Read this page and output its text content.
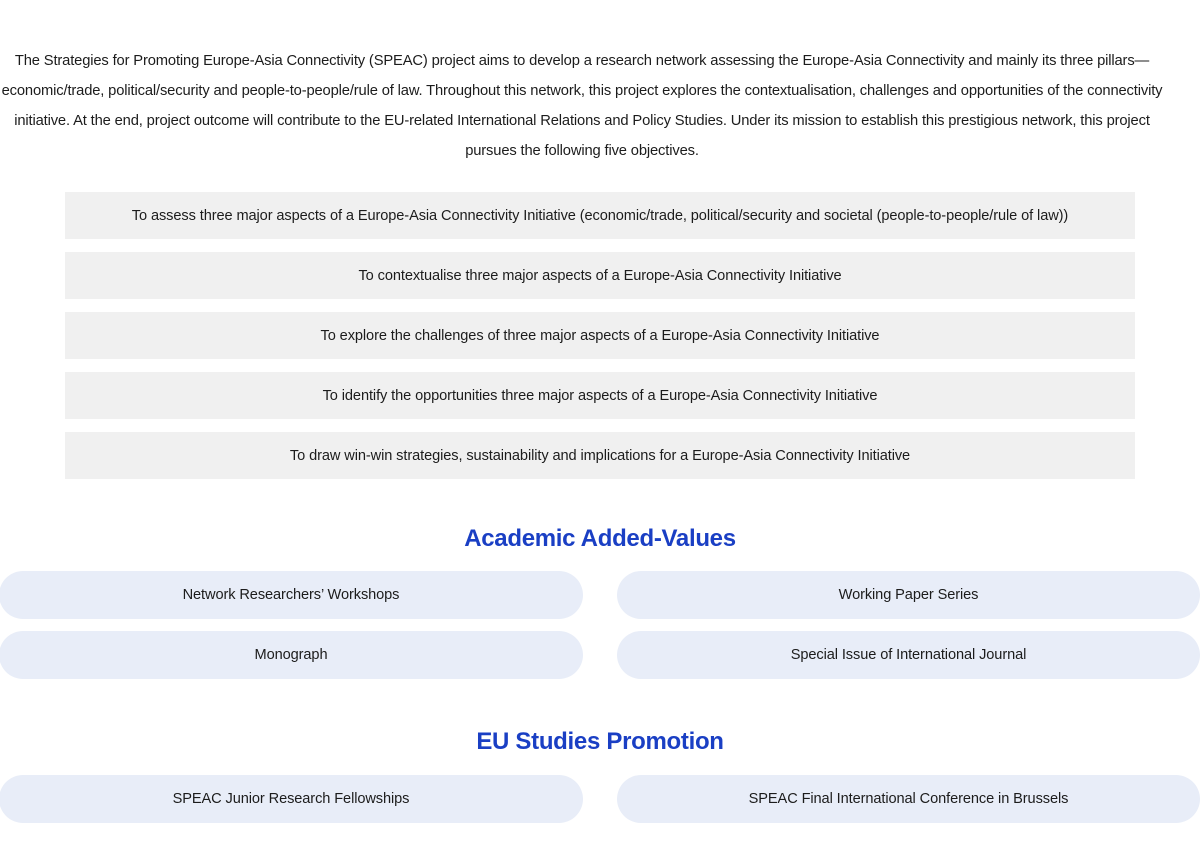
The Strategies for Promoting Europe-Asia Connectivity (SPEAC) project aims to develop a research network assessing the Europe-Asia Connectivity and mainly its three pillars—economic/trade, political/security and people-to-people/rule of law. Throughout this network, this project explores the contextualisation, challenges and opportunities of the connectivity initiative. At the end, project outcome will contribute to the EU-related International Relations and Policy Studies. Under its mission to establish this prestigious network, this project pursues the following five objectives.

To assess three major aspects of a Europe-Asia Connectivity Initiative (economic/trade, political/security and societal (people-to-people/rule of law))
To contextualise three major aspects of a Europe-Asia Connectivity Initiative
To explore the challenges of three major aspects of a Europe-Asia Connectivity Initiative
To identify the opportunities three major aspects of a Europe-Asia Connectivity Initiative
To draw win-win strategies, sustainability and implications for a Europe-Asia Connectivity Initiative
Academic Added-Values
Network Researchers’ Workshops	Working Paper Series
Monograph	Special Issue of International Journal
EU Studies Promotion
SPEAC Junior Research Fellowships	SPEAC Final International Conference in Brussels
